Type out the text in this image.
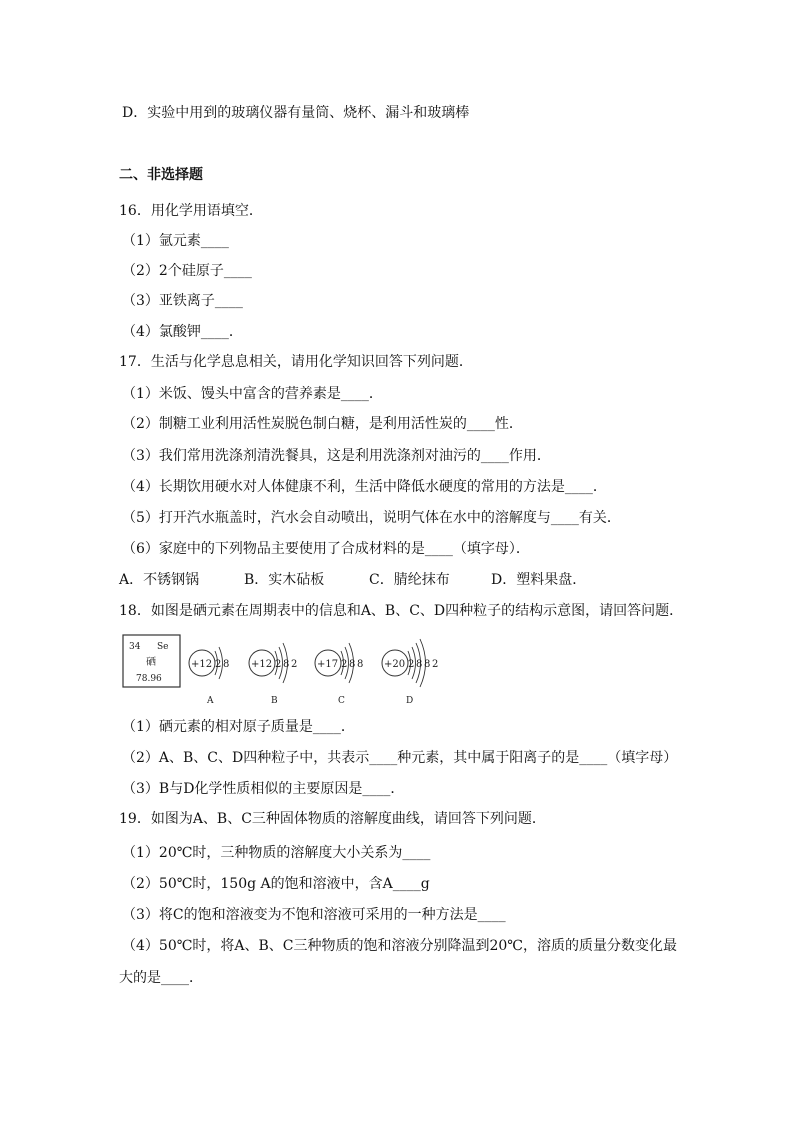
D．实验中用到的玻璃仪器有量筒、烧杯、漏斗和玻璃棒
二、非选择题
16．用化学用语填空．
（1）氩元素____
（2）2个硅原子____
（3）亚铁离子____
（4）氯酸钾____．
17．生活与化学息息相关，请用化学知识回答下列问题．
（1）米饭、馒头中富含的营养素是____．
（2）制糖工业利用活性炭脱色制白糖，是利用活性炭的____性．
（3）我们常用洗涤剂清洗餐具，这是利用洗涤剂对油污的____作用．
（4）长期饮用硬水对人体健康不利，生活中降低水硬度的常用的方法是____．
（5）打开汽水瓶盖时，汽水会自动喷出，说明气体在水中的溶解度与____有关．
（6）家庭中的下列物品主要使用了合成材料的是____（填字母）．
A．不锈钢锅	B．实木砧板	C．腈纶抹布	D．塑料果盘．
18．如图是硒元素在周期表中的信息和A、B、C、D四种粒子的结构示意图，请回答问题．
34 Se
硒
78.96
+12 2 8
A
+12 2 8 2
B
+17 2 8 8
C
+20 2 8 8 2
D
（1）硒元素的相对原子质量是____．
（2）A、B、C、D四种粒子中，共表示____种元素，其中属于阳离子的是____（填字母）
（3）B与D化学性质相似的主要原因是____．
19．如图为A、B、C三种固体物质的溶解度曲线，请回答下列问题．
（1）20℃时，三种物质的溶解度大小关系为____
（2）50℃时，150g A的饱和溶液中，含A____g
（3）将C的饱和溶液变为不饱和溶液可采用的一种方法是____
（4）50℃时，将A、B、C三种物质的饱和溶液分别降温到20℃，溶质的质量分数变化最
大的是____．
